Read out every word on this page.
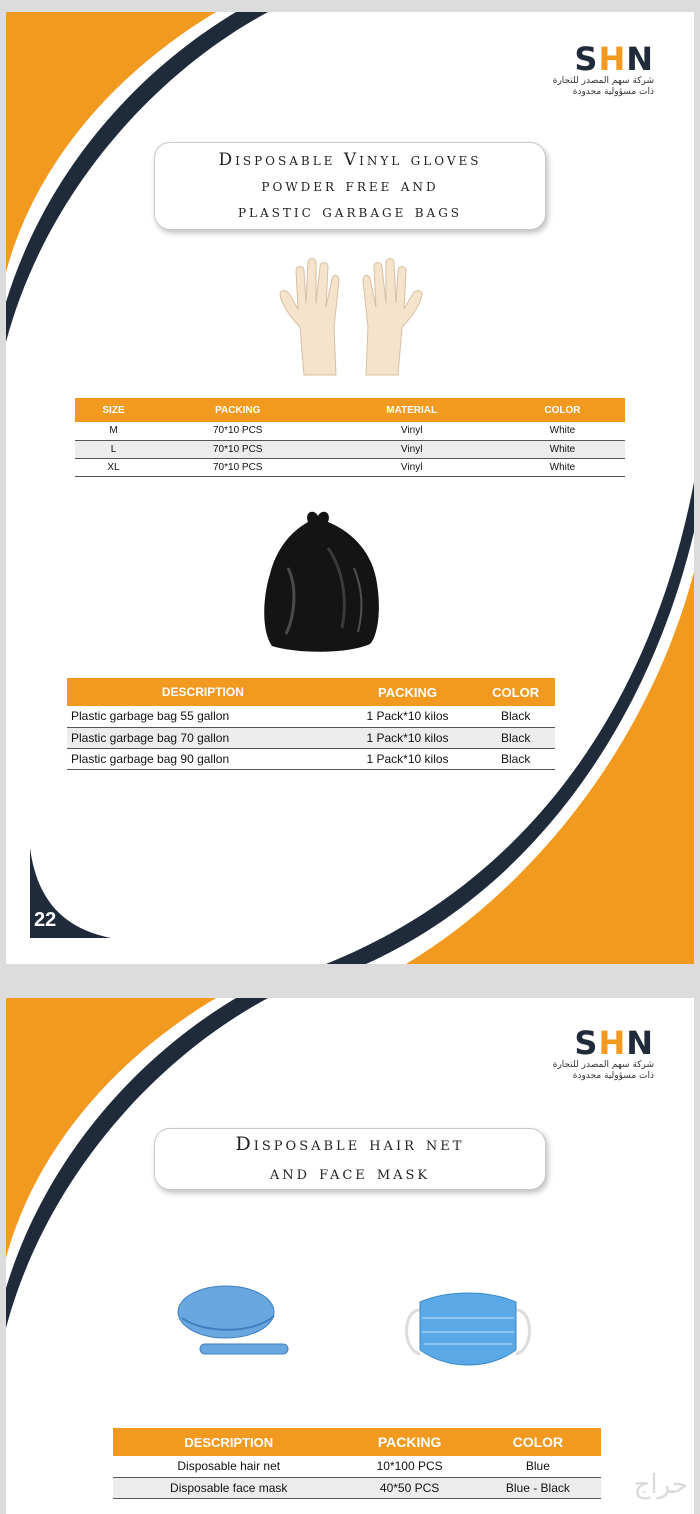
SHN
شركة سهم المصدر للتجارة
ذات مسؤولية محدودة
Disposable Vinyl gloves
powder free and
plastic garbage bags
SIZE	PACKING	MATERIAL	COLOR
M	70*10 PCS	Vinyl	White
L	70*10 PCS	Vinyl	White
XL	70*10 PCS	Vinyl	White
DESCRIPTION	PACKING	COLOR
Plastic garbage bag 55 gallon	1 Pack*10 kilos	Black
Plastic garbage bag 70 gallon	1 Pack*10 kilos	Black
Plastic garbage bag 90 gallon	1 Pack*10 kilos	Black
22
SHN
شركة سهم المصدر للتجارة
ذات مسؤولية محدودة
Disposable hair net
and face mask
DESCRIPTION	PACKING	COLOR
Disposable hair net	10*100 PCS	Blue
Disposable face mask	40*50 PCS	Blue - Black حراج
